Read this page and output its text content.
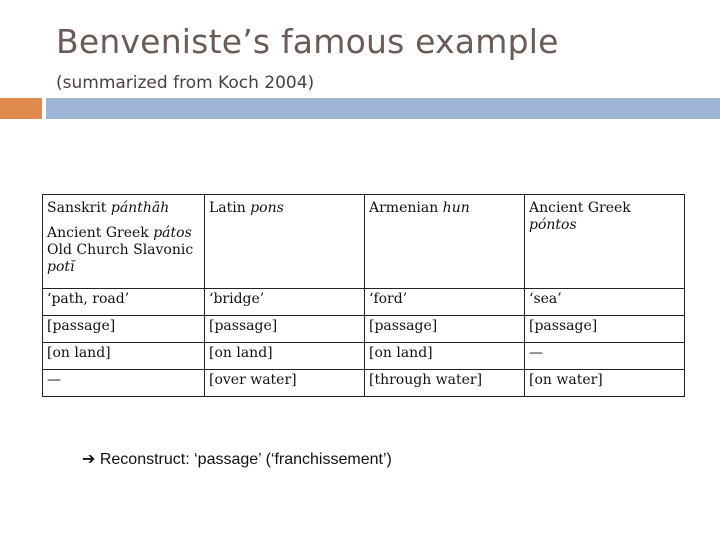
Benveniste’s famous example
(summarized from Koch 2004)
Sanskrit pánthāh
Ancient Greek pátos
Old Church Slavonic
potĭ	Latin pons	Armenian hun	Ancient Greek póntos
‘path, road’	‘bridge’	‘ford’	‘sea’
[passage]	[passage]	[passage]	[passage]
[on land]	[on land]	[on land]	—
—	[over water]	[through water]	[on water]
➔ Reconstruct: ‘passage’ (‘franchissement’)
